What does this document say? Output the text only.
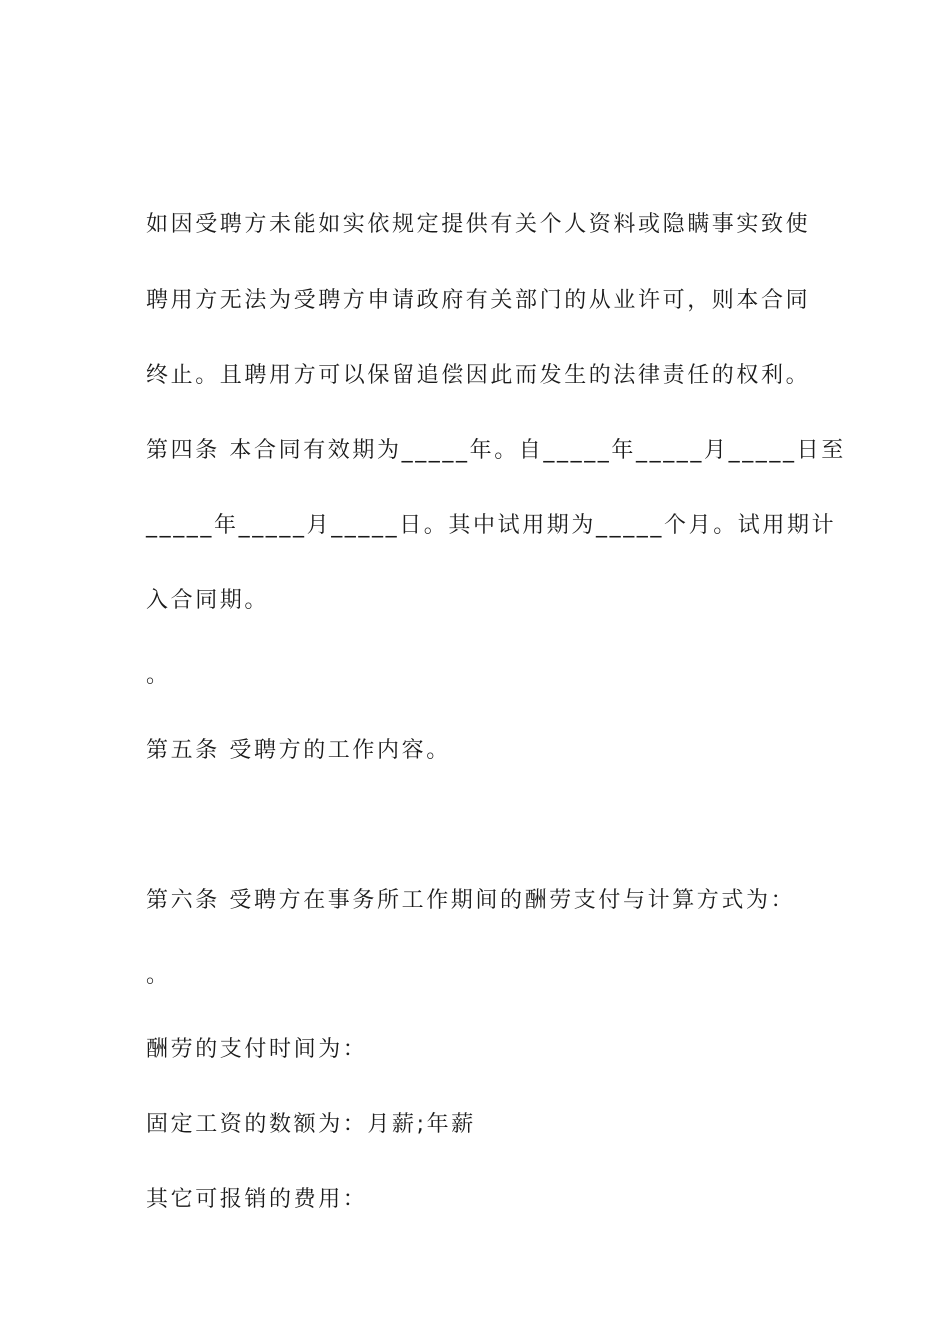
如因受聘方未能如实依规定提供有关个人资料或隐瞒事实致使
聘用方无法为受聘方申请政府有关部门的从业许可，则本合同
终止。且聘用方可以保留追偿因此而发生的法律责任的权利。
第四条 本合同有效期为_____年。自_____年_____月_____日至
_____年_____月_____日。其中试用期为_____个月。试用期计
入合同期。
。
第五条 受聘方的工作内容。
第六条 受聘方在事务所工作期间的酬劳支付与计算方式为：
。
酬劳的支付时间为：
固定工资的数额为：月薪;年薪
其它可报销的费用：
